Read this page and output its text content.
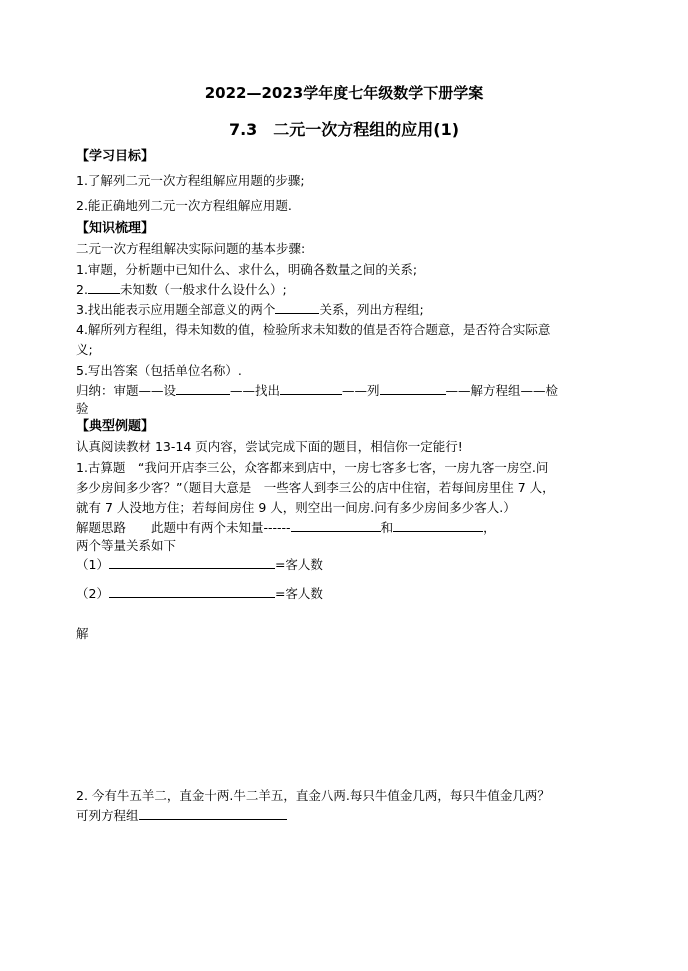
2022—2023学年度七年级数学下册学案
7.3　二元一次方程组的应用(1)
【学习目标】
1.了解列二元一次方程组解应用题的步骤;
2.能正确地列二元一次方程组解应用题.
【知识梳理】
二元一次方程组解决实际问题的基本步骤:
1.审题，分析题中已知什么、求什么，明确各数量之间的关系;
2.	未知数（一般求什么设什么）;
3.找出能表示应用题全部意义的两个	关系，列出方程组;
4.解所列方程组，得未知数的值，检验所求未知数的值是否符合题意，是否符合实际意
义;
5.写出答案（包括单位名称）.
归纳：审题——设	——找出	——列	——解方程组——检
验
【典型例题】
认真阅读教材 13-14 页内容，尝试完成下面的题目，相信你一定能行!
1.古算题　“我问开店李三公，众客都来到店中，一房七客多七客，一房九客一房空.问
多少房间多少客？”（题目大意是　一些客人到李三公的店中住宿，若每间房里住 7 人，
就有 7 人没地方住；若每间房住 9 人，则空出一间房.问有多少房间多少客人.）
解题思路　　此题中有两个未知量------	和	，
两个等量关系如下
（1）	=客人数
（2）	=客人数
解
2. 今有牛五羊二，直金十两.牛二羊五，直金八两.每只牛值金几两，每只牛值金几两？
可列方程组
